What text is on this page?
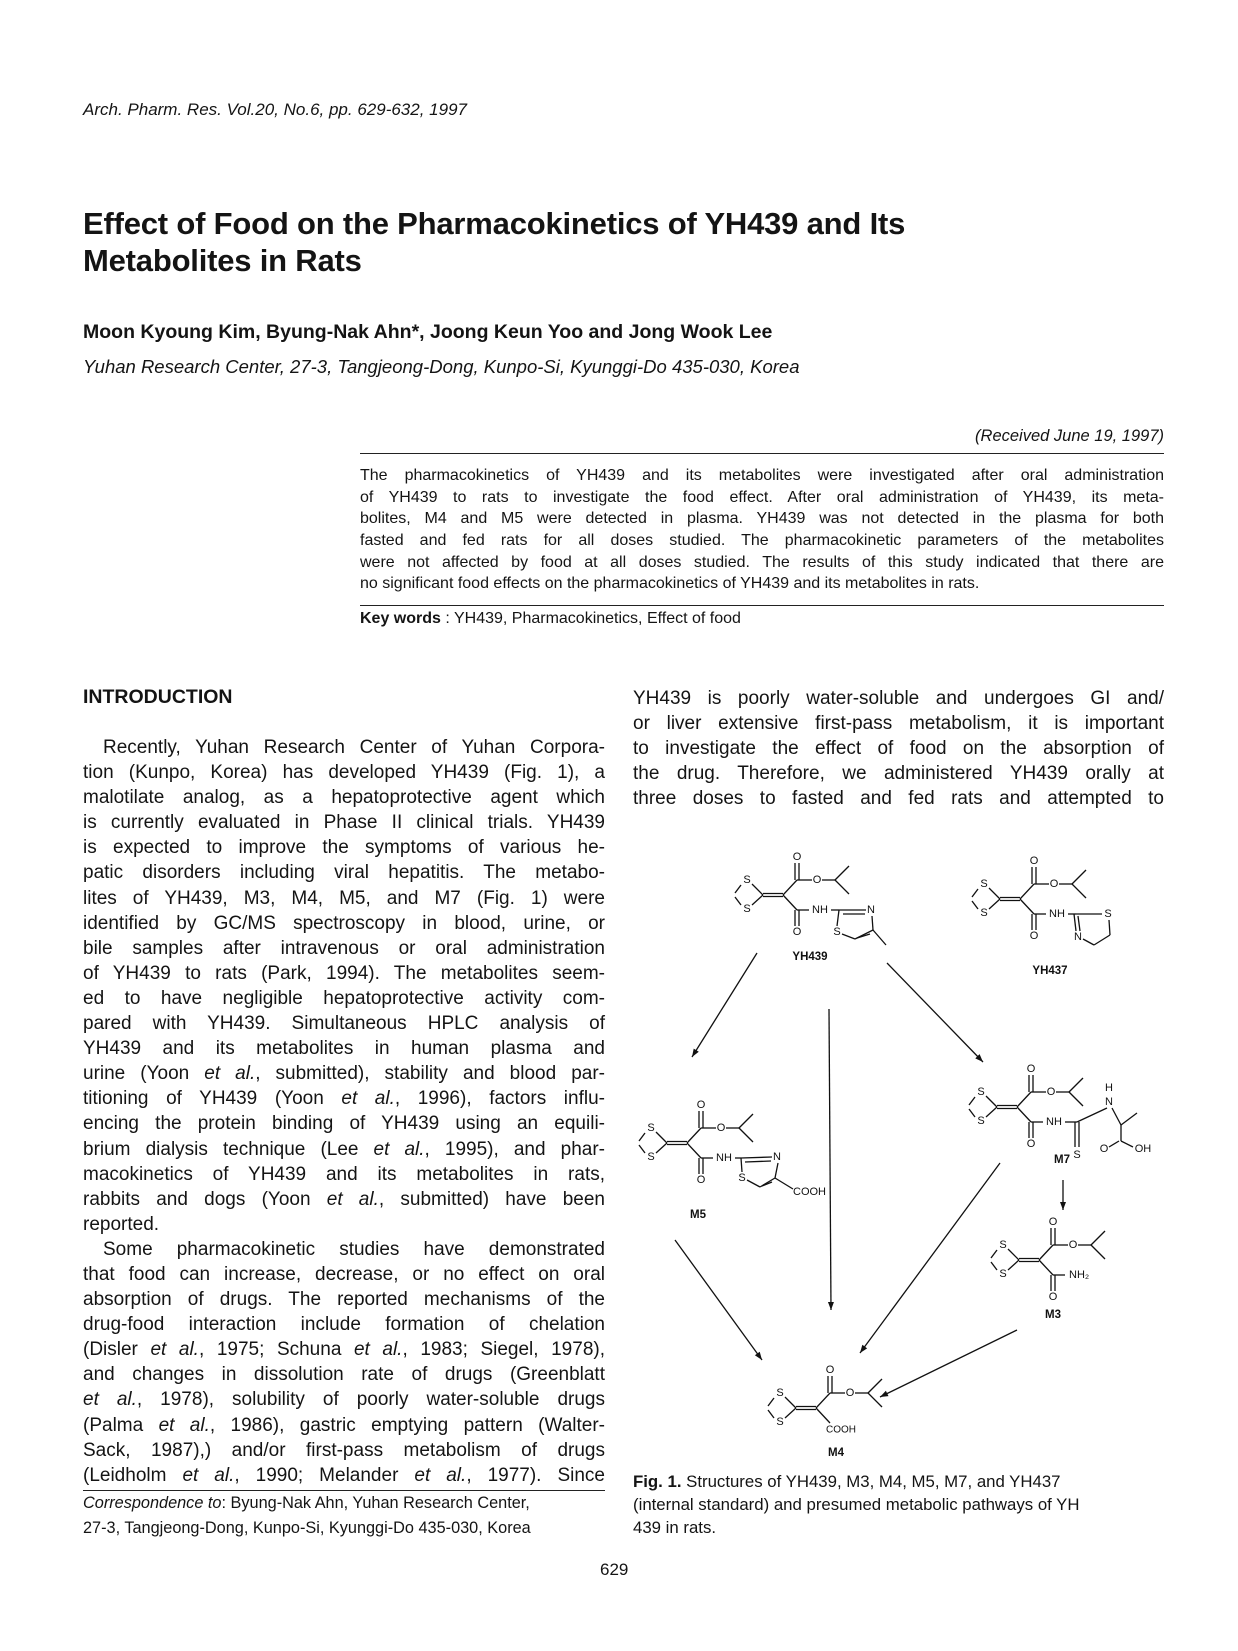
Arch. Pharm. Res. Vol.20, No.6, pp. 629-632, 1997
Effect of Food on the Pharmacokinetics of YH439 and Its
Metabolites in Rats
Moon Kyoung Kim, Byung-Nak Ahn*, Joong Keun Yoo and Jong Wook Lee
Yuhan Research Center, 27-3, Tangjeong-Dong, Kunpo-Si, Kyunggi-Do 435-030, Korea
(Received June 19, 1997)
The pharmacokinetics of YH439 and its metabolites were investigated after oral administration
of YH439 to rats to investigate the food effect. After oral administration of YH439, its meta-
bolites, M4 and M5 were detected in plasma. YH439 was not detected in the plasma for both
fasted and fed rats for all doses studied. The pharmacokinetic parameters of the metabolites
were not affected by food at all doses studied. The results of this study indicated that there are
no significant food effects on the pharmacokinetics of YH439 and its metabolites in rats.
Key words : YH439, Pharmacokinetics, Effect of food
INTRODUCTION
Recently, Yuhan Research Center of Yuhan Corpora-
tion (Kunpo, Korea) has developed YH439 (Fig. 1), a
malotilate analog, as a hepatoprotective agent which
is currently evaluated in Phase II clinical trials. YH439
is expected to improve the symptoms of various he-
patic disorders including viral hepatitis. The metabo-
lites of YH439, M3, M4, M5, and M7 (Fig. 1) were
identified by GC/MS spectroscopy in blood, urine, or
bile samples after intravenous or oral administration
of YH439 to rats (Park, 1994). The metabolites seem-
ed to have negligible hepatoprotective activity com-
pared with YH439. Simultaneous HPLC analysis of
YH439 and its metabolites in human plasma and
urine (Yoon et al., submitted), stability and blood par-
titioning of YH439 (Yoon et al., 1996), factors influ-
encing the protein binding of YH439 using an equili-
brium dialysis technique (Lee et al., 1995), and phar-
macokinetics of YH439 and its metabolites in rats,
rabbits and dogs (Yoon et al., submitted) have been
reported.
Some pharmacokinetic studies have demonstrated
that food can increase, decrease, or no effect on oral
absorption of drugs. The reported mechanisms of the
drug-food interaction include formation of chelation
(Disler et al., 1975; Schuna et al., 1983; Siegel, 1978),
and changes in dissolution rate of drugs (Greenblatt
et al., 1978), solubility of poorly water-soluble drugs
(Palma et al., 1986), gastric emptying pattern (Walter-
Sack, 1987),) and/or first-pass metabolism of drugs
(Leidholm et al., 1990; Melander et al., 1977). Since
YH439 is poorly water-soluble and undergoes GI and/
or liver extensive first-pass metabolism, it is important
to investigate the effect of food on the absorption of
the drug. Therefore, we administered YH439 orally at
three doses to fasted and fed rats and attempted to
Correspondence to: Byung-Nak Ahn, Yuhan Research Center,
27-3, Tangjeong-Dong, Kunpo-Si, Kyunggi-Do 435-030, Korea
Fig. 1. Structures of YH439, M3, M4, M5, M7, and YH437
(internal standard) and presumed metabolic pathways of YH
439 in rats.
S
S
O
O
O
NH	N
S
YH439
S
S
O
O
O
NH	S
N
YH437
S
S
O
O
O
NH
S
N
H
O OH
M7
S
S
O
O
O
NH	N
S
COOH
M5
S
S
O
O
O
NH₂
M3
S
S
O
O
COOH
M4
629
